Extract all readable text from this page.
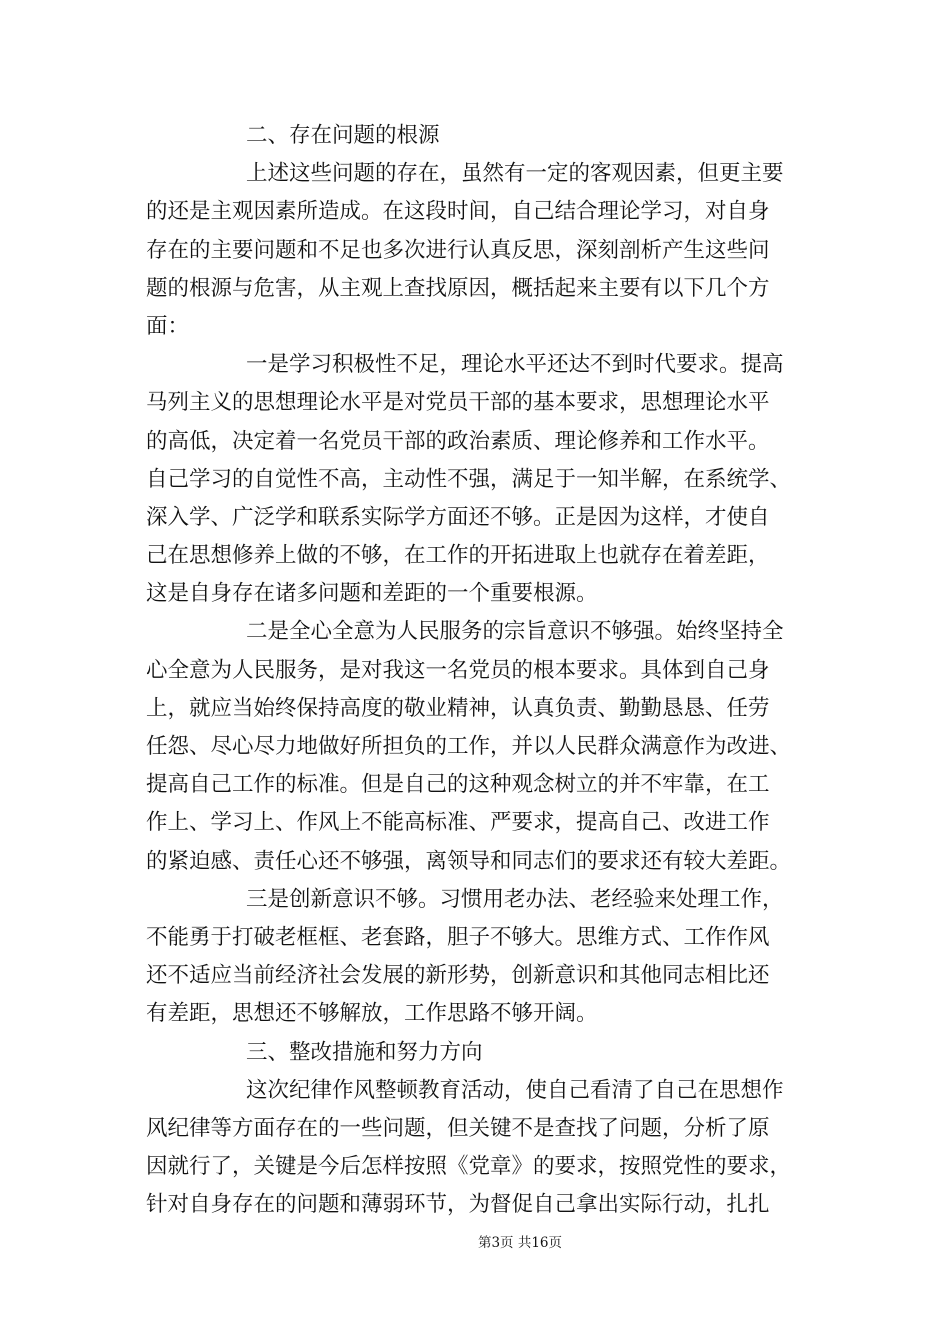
二、存在问题的根源
上述这些问题的存在，虽然有一定的客观因素，但更主要
的还是主观因素所造成。在这段时间，自己结合理论学习，对自身
存在的主要问题和不足也多次进行认真反思，深刻剖析产生这些问
题的根源与危害，从主观上查找原因，概括起来主要有以下几个方
面：
一是学习积极性不足，理论水平还达不到时代要求。提高
马列主义的思想理论水平是对党员干部的基本要求，思想理论水平
的高低，决定着一名党员干部的政治素质、理论修养和工作水平。
自己学习的自觉性不高，主动性不强，满足于一知半解，在系统学、
深入学、广泛学和联系实际学方面还不够。正是因为这样，才使自
己在思想修养上做的不够，在工作的开拓进取上也就存在着差距，
这是自身存在诸多问题和差距的一个重要根源。
二是全心全意为人民服务的宗旨意识不够强。始终坚持全
心全意为人民服务，是对我这一名党员的根本要求。具体到自己身
上，就应当始终保持高度的敬业精神，认真负责、勤勤恳恳、任劳
任怨、尽心尽力地做好所担负的工作，并以人民群众满意作为改进、
提高自己工作的标准。但是自己的这种观念树立的并不牢靠，在工
作上、学习上、作风上不能高标准、严要求，提高自己、改进工作
的紧迫感、责任心还不够强，离领导和同志们的要求还有较大差距。
三是创新意识不够。习惯用老办法、老经验来处理工作，
不能勇于打破老框框、老套路，胆子不够大。思维方式、工作作风
还不适应当前经济社会发展的新形势，创新意识和其他同志相比还
有差距，思想还不够解放，工作思路不够开阔。
三、整改措施和努力方向
这次纪律作风整顿教育活动，使自己看清了自己在思想作
风纪律等方面存在的一些问题，但关键不是查找了问题，分析了原
因就行了，关键是今后怎样按照《党章》的要求，按照党性的要求，
针对自身存在的问题和薄弱环节，为督促自己拿出实际行动，扎扎
第3页 共16页
